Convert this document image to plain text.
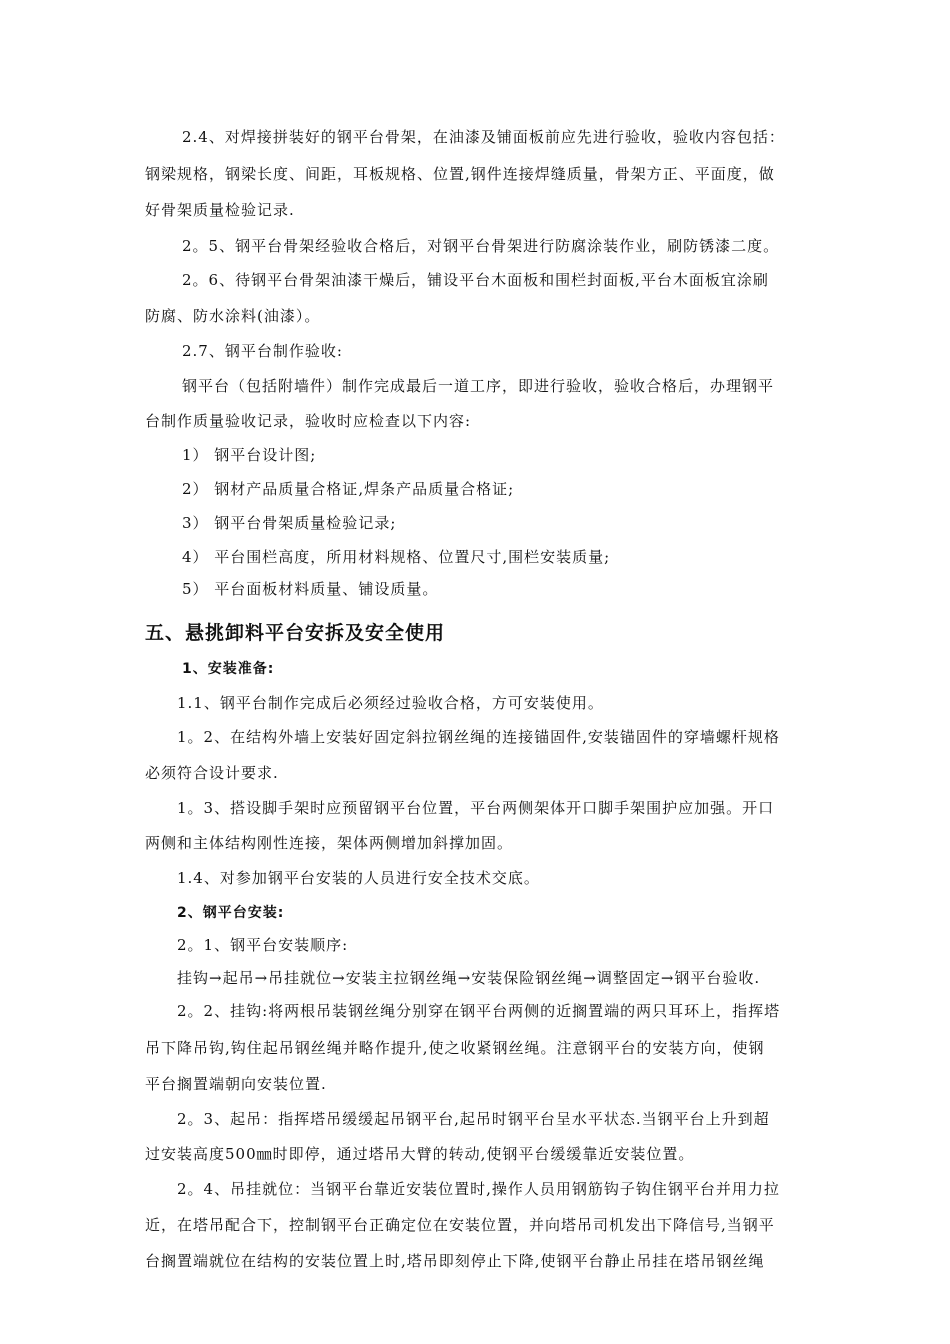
2.4、对焊接拼装好的钢平台骨架，在油漆及铺面板前应先进行验收，验收内容包括：
钢梁规格，钢梁长度、间距，耳板规格、位置,钢件连接焊缝质量，骨架方正、平面度，做
好骨架质量检验记录.
2。5、钢平台骨架经验收合格后，对钢平台骨架进行防腐涂装作业，刷防锈漆二度。
2。6、待钢平台骨架油漆干燥后，铺设平台木面板和围栏封面板,平台木面板宜涂刷
防腐、防水涂料(油漆）。
2.7、钢平台制作验收:
钢平台（包括附墙件）制作完成最后一道工序，即进行验收，验收合格后，办理钢平
台制作质量验收记录，验收时应检查以下内容:
1） 钢平台设计图;
2） 钢材产品质量合格证,焊条产品质量合格证;
3） 钢平台骨架质量检验记录;
4） 平台围栏高度，所用材料规格、位置尺寸,围栏安装质量;
5） 平台面板材料质量、铺设质量。
五、悬挑卸料平台安拆及安全使用
1、安装准备:
1.1、钢平台制作完成后必须经过验收合格，方可安装使用。
1。2、在结构外墙上安装好固定斜拉钢丝绳的连接锚固件,安装锚固件的穿墙螺杆规格
必须符合设计要求.
1。3、搭设脚手架时应预留钢平台位置，平台两侧架体开口脚手架围护应加强。开口
两侧和主体结构刚性连接，架体两侧增加斜撑加固。
1.4、对参加钢平台安装的人员进行安全技术交底。
2、钢平台安装:
2。1、钢平台安装顺序:
挂钩→起吊→吊挂就位→安装主拉钢丝绳→安装保险钢丝绳→调整固定→钢平台验收.
2。2、挂钩:将两根吊装钢丝绳分别穿在钢平台两侧的近搁置端的两只耳环上，指挥塔
吊下降吊钩,钩住起吊钢丝绳并略作提升,使之收紧钢丝绳。注意钢平台的安装方向，使钢
平台搁置端朝向安装位置.
2。3、起吊：指挥塔吊缓缓起吊钢平台,起吊时钢平台呈水平状态.当钢平台上升到超
过安装高度500㎜时即停，通过塔吊大臂的转动,使钢平台缓缓靠近安装位置。
2。4、吊挂就位：当钢平台靠近安装位置时,操作人员用钢筋钩子钩住钢平台并用力拉
近，在塔吊配合下，控制钢平台正确定位在安装位置，并向塔吊司机发出下降信号,当钢平
台搁置端就位在结构的安装位置上时,塔吊即刻停止下降,使钢平台静止吊挂在塔吊钢丝绳
